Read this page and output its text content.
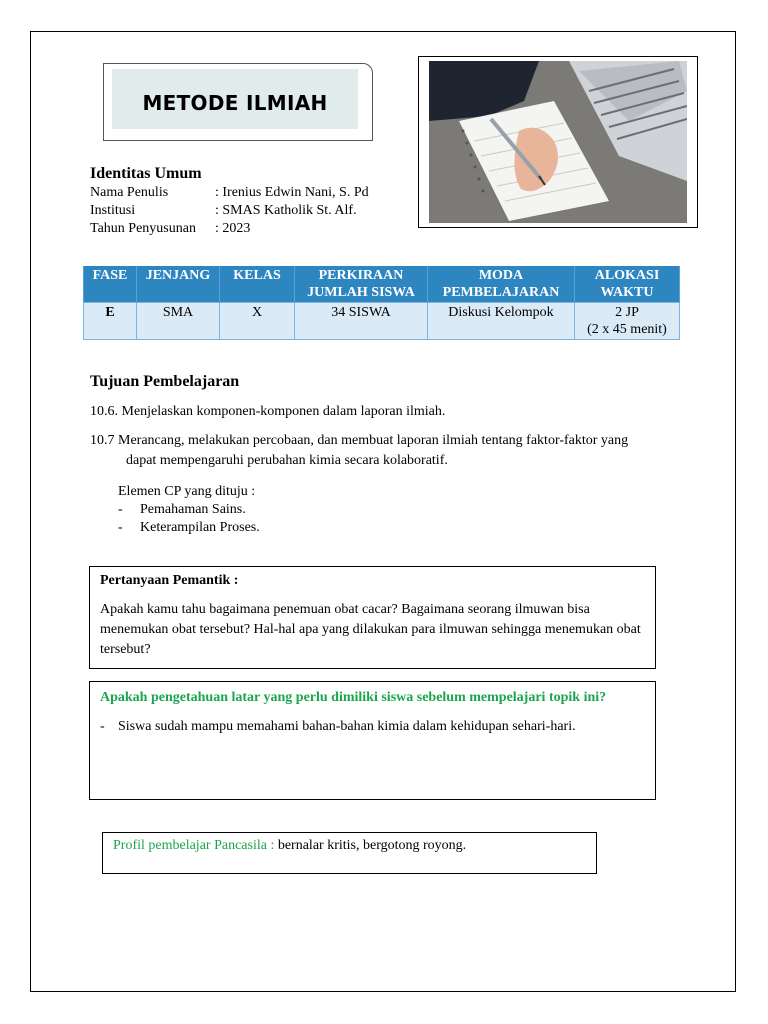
METODE ILMIAH
Identitas Umum
Nama Penulis	: Irenius Edwin Nani, S. Pd
Institusi	: SMAS Katholik St. Alf.
Tahun Penyusunan	: 2023
FASE	JENJANG	KELAS	PERKIRAAN JUMLAH SISWA	MODA PEMBELAJARAN	ALOKASI WAKTU
E	SMA	X	34 SISWA	Diskusi Kelompok	2 JP
(2 x 45 menit)
Tujuan Pembelajaran
10.6. Menjelaskan komponen-komponen dalam laporan ilmiah.
10.7 Merancang, melakukan percobaan, dan membuat laporan ilmiah tentang faktor-faktor yang
dapat mempengaruhi perubahan kimia secara kolaboratif.
Elemen CP yang dituju :
-	Pemahaman Sains.
-	Keterampilan Proses.
Pertanyaan Pemantik :
Apakah kamu tahu bagaimana penemuan obat cacar? Bagaimana seorang ilmuwan bisa menemukan obat tersebut? Hal-hal apa yang dilakukan para ilmuwan sehingga menemukan obat tersebut?
Apakah pengetahuan latar yang perlu dimiliki siswa sebelum mempelajari topik ini?
- Siswa sudah mampu memahami bahan-bahan kimia dalam kehidupan sehari-hari.
Profil pembelajar Pancasila : bernalar kritis, bergotong royong.
